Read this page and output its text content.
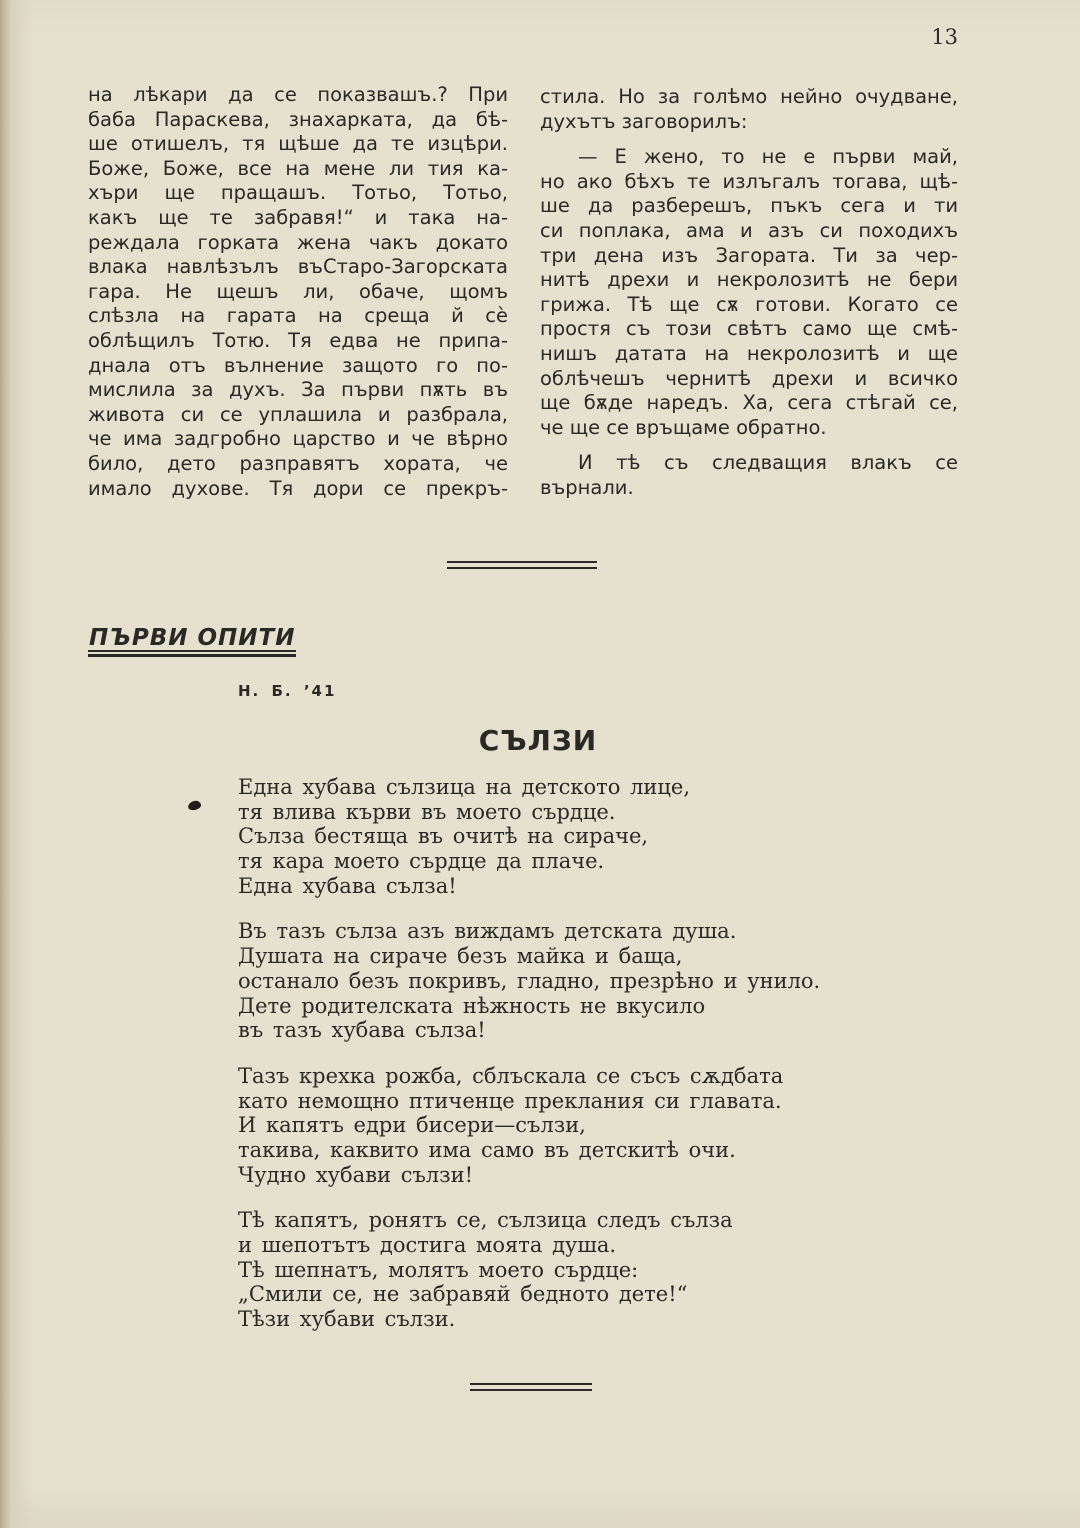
13
на лѣкари да се показвашъ.? При
баба Параскева, знахарката, да бѣ-
ше отишелъ, тя щѣше да те изцѣри.
Боже, Боже, все на мене ли тия ка-
хъри ще пращашъ. Тотьо, Тотьо,
какъ ще те забравя!“ и така на-
реждала горката жена чакъ докато
влака навлѣзълъ въСтаро-Загорската
гара. Не щешъ ли, обаче, щомъ
слѣзла на гарата на среща й сѐ
облѣщилъ Тотю. Тя едва не припа-
днала отъ вълнение защото го по-
мислила за духъ. За първи пѫть въ
живота си се уплашила и разбрала,
че има задгробно царство и че вѣрно
било, дето разправятъ хората, че
имало духове. Тя дори се прекръ-
стила. Но за голѣмо нейно очудване,
духътъ заговорилъ:
— Е жено, то не е първи май,
но ако бѣхъ те излъгалъ тогава, щѣ-
ше да разберешъ, пъкъ сега и ти
си поплака, ама и азъ си походихъ
три дена изъ Загората. Ти за чер-
нитѣ дрехи и некролозитѣ не бери
грижа. Тѣ ще сѫ готови. Когато се
простя съ този свѣтъ само ще смѣ-
нишъ датата на некролозитѣ и ще
облѣчешъ чернитѣ дрехи и всичко
ще бѫде наредъ. Ха, сега стѣгай се,
че ще се връщаме обратно.
И тѣ съ следващия влакъ се
върнали.
ПЪРВИ ОПИТИ
Н. Б. ’41
СЪЛЗИ
Една хубава сълзица на детското лице,
тя влива кърви въ моето сърдце.
Сълза бестяща въ очитѣ на сираче,
тя кара моето сърдце да плаче.
Една хубава сълза!
Въ тазъ сълза азъ виждамъ детската душа.
Душата на сираче безъ майка и баща,
останало безъ покривъ, гладно, презрѣно и унило.
Дете родителската нѣжность не вкусило
въ тазъ хубава сълза!
Тазъ крехка рожба, сблъскала се съсъ сѫдбата
като немощно птиченце преклания си главата.
И капятъ едри бисери—сълзи,
такива, каквито има само въ детскитѣ очи.
Чудно хубави сълзи!
Тѣ капятъ, ронятъ се, сълзица следъ сълза
и шепотътъ достига моята душа.
Тѣ шепнатъ, молятъ моето сърдце:
„Смили се, не забравяй бедното дете!“
Тѣзи хубави сълзи.
